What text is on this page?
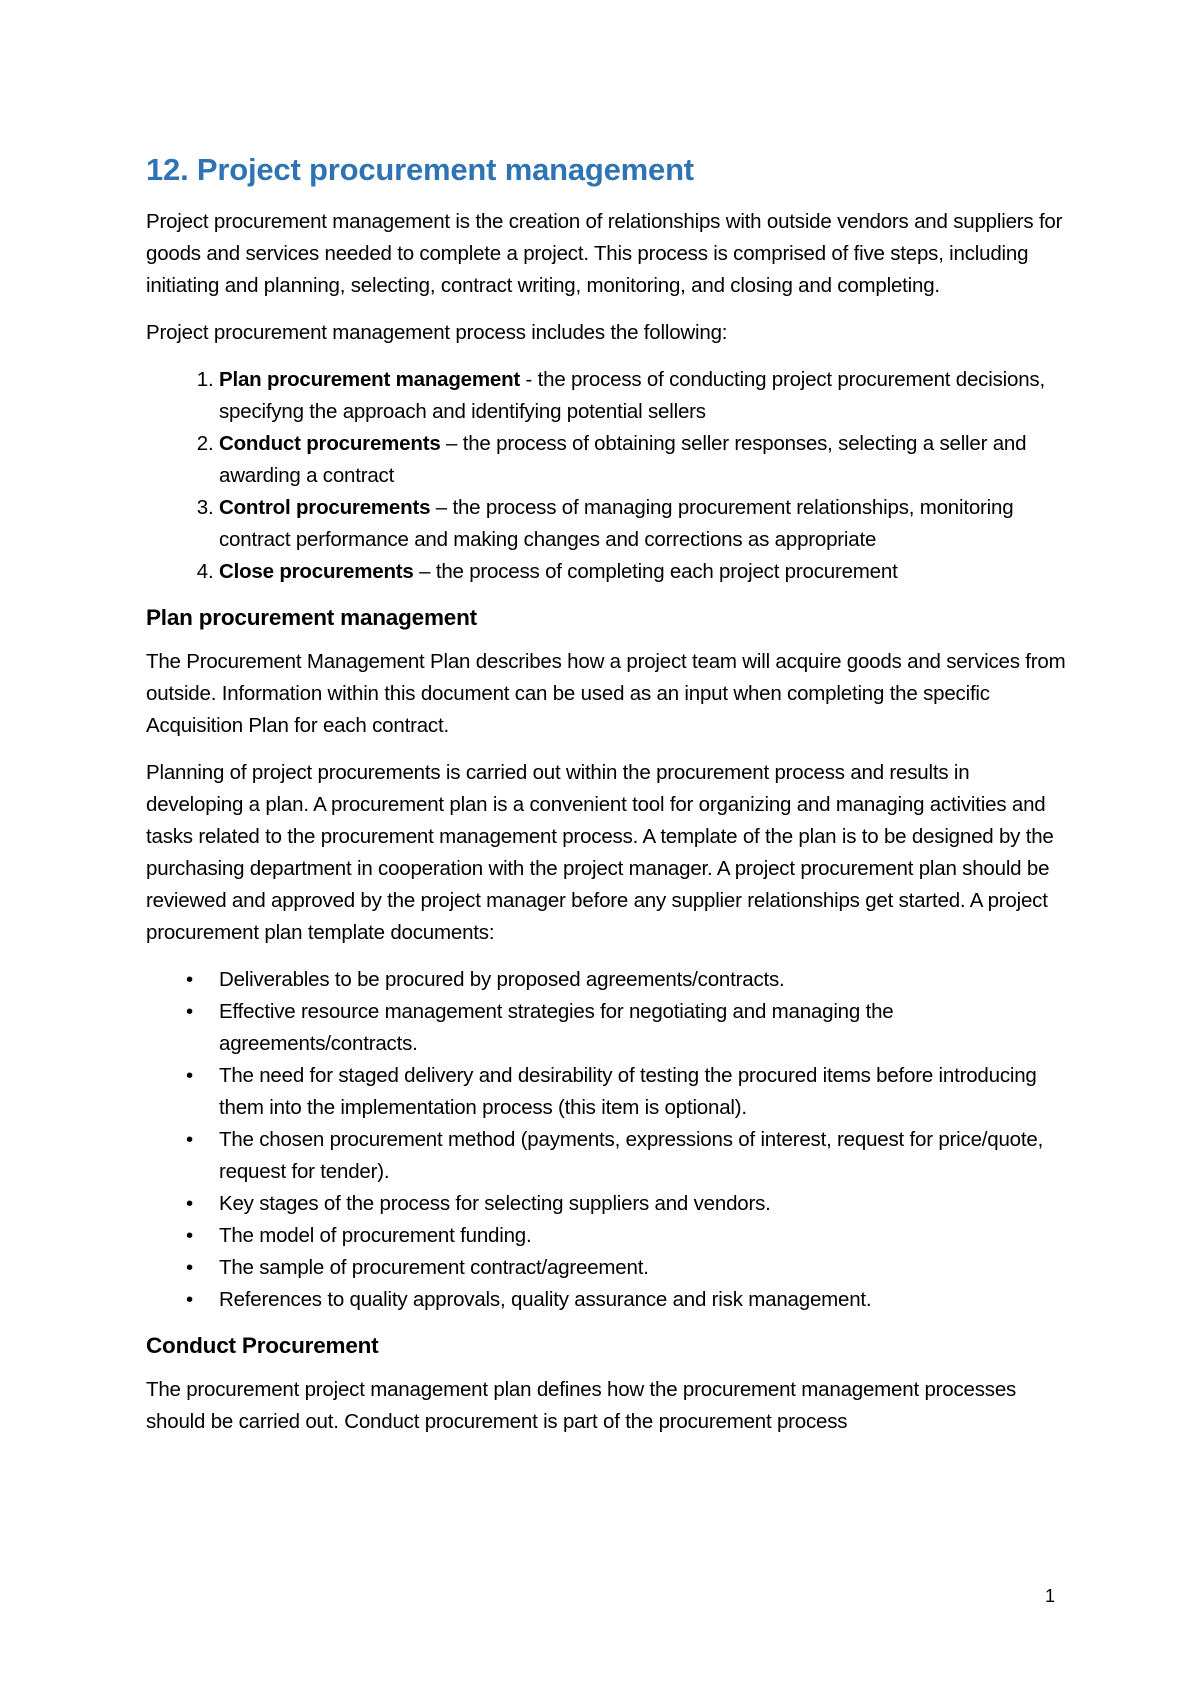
12. Project procurement management

Project procurement management is the creation of relationships with outside vendors and suppliers for goods and services needed to complete a project. This process is comprised of five steps, including initiating and planning, selecting, contract writing, monitoring, and closing and completing.

Project procurement management process includes the following:

1. Plan procurement management - the process of conducting project procurement decisions, specifyng the approach and identifying potential sellers
2. Conduct procurements – the process of obtaining seller responses, selecting a seller and awarding a contract
3. Control procurements – the process of managing procurement relationships, monitoring contract performance and making changes and corrections as appropriate
4. Close procurements – the process of completing each project procurement
Plan procurement management

The Procurement Management Plan describes how a project team will acquire goods and services from outside. Information within this document can be used as an input when completing the specific Acquisition Plan for each contract.

Planning of project procurements is carried out within the procurement process and results in developing a plan. A procurement plan is a convenient tool for organizing and managing activities and tasks related to the procurement management process. A template of the plan is to be designed by the purchasing department in cooperation with the project manager. A project procurement plan should be reviewed and approved by the project manager before any supplier relationships get started. A project procurement plan template documents:

• Deliverables to be procured by proposed agreements/contracts.
• Effective resource management strategies for negotiating and managing the agreements/contracts.
• The need for staged delivery and desirability of testing the procured items before introducing them into the implementation process (this item is optional).
• The chosen procurement method (payments, expressions of interest, request for price/quote, request for tender).
• Key stages of the process for selecting suppliers and vendors.
• The model of procurement funding.
• The sample of procurement contract/agreement.
• References to quality approvals, quality assurance and risk management.
Conduct Procurement

The procurement project management plan defines how the procurement management processes should be carried out. Conduct procurement is part of the procurement process

1
